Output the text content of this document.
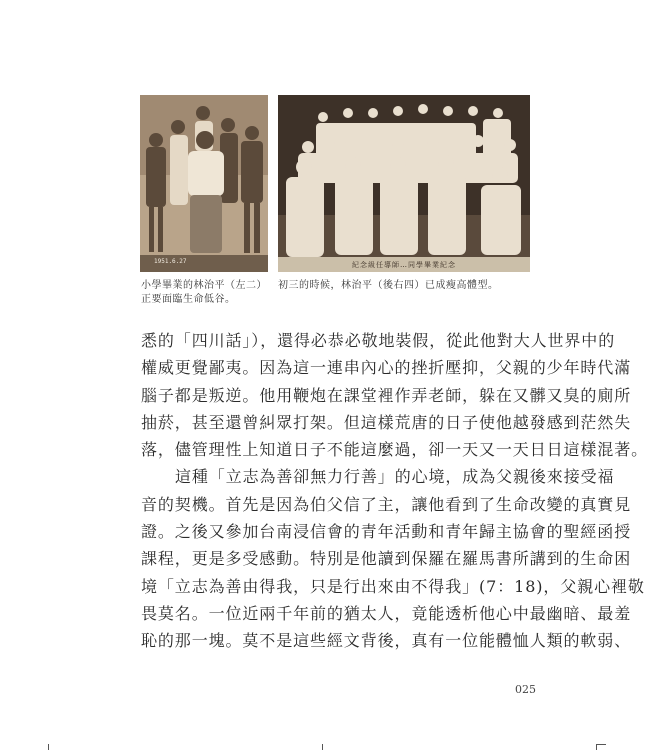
1951.6.27	紀念級任導師…同學畢業紀念
小學畢業的林治平（左二）
正要面臨生命低谷。
初三的時候，林治平（後右四）已成瘦高體型。
悉的「四川話」），還得必恭必敬地裝假，從此他對大人世界中的
權威更覺鄙夷。因為這一連串內心的挫折壓抑，父親的少年時代滿
腦子都是叛逆。他用鞭炮在課堂裡作弄老師，躲在又髒又臭的廁所
抽菸，甚至還曾糾眾打架。但這樣荒唐的日子使他越發感到茫然失
落，儘管理性上知道日子不能這麼過，卻一天又一天日日這樣混著。
這種「立志為善卻無力行善」的心境，成為父親後來接受福
音的契機。首先是因為伯父信了主，讓他看到了生命改變的真實見
證。之後又參加台南浸信會的青年活動和青年歸主協會的聖經函授
課程，更是多受感動。特別是他讀到保羅在羅馬書所講到的生命困
境「立志為善由得我，只是行出來由不得我」(7：18)，父親心裡敬
畏莫名。一位近兩千年前的猶太人，竟能透析他心中最幽暗、最羞
恥的那一塊。莫不是這些經文背後，真有一位能體恤人類的軟弱、
025
